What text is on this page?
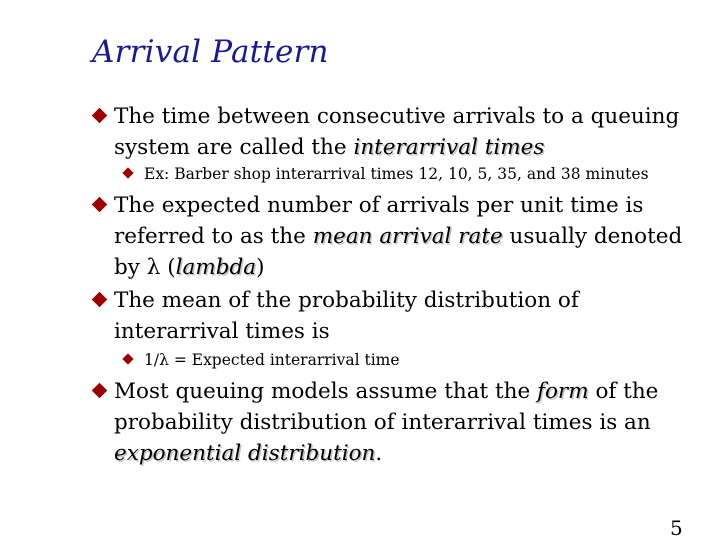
Arrival Pattern
The time between consecutive arrivals to a queuing system are called the interarrival times
Ex: Barber shop interarrival times 12, 10, 5, 35, and 38 minutes
The expected number of arrivals per unit time is referred to as the mean arrival rate usually denoted by λ (lambda)
The mean of the probability distribution of interarrival times is
1/λ = Expected interarrival time
Most queuing models assume that the form of the probability distribution of interarrival times is an exponential distribution.
5
